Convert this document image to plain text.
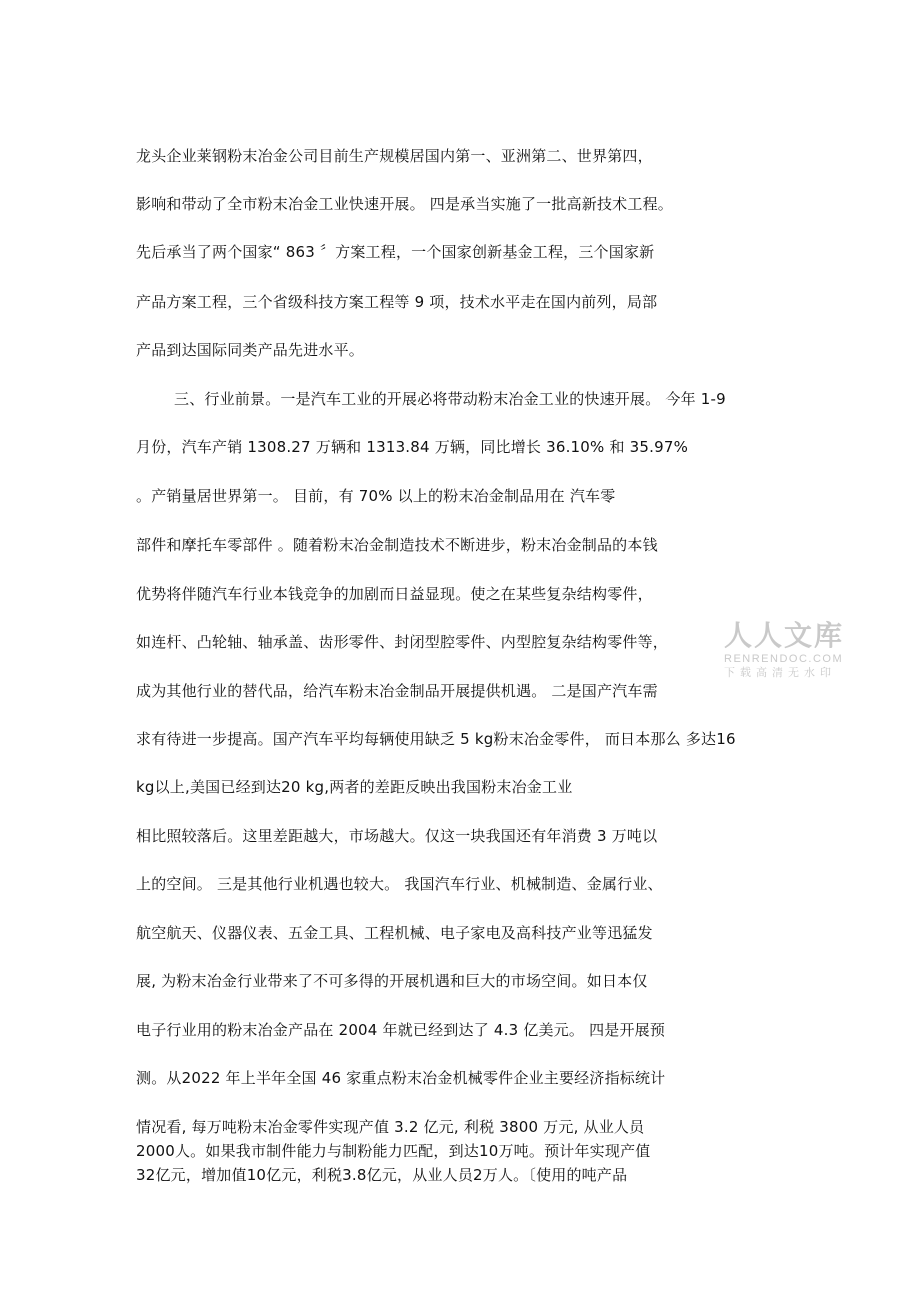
龙头企业莱钢粉末冶金公司目前生产规模居国内第一、亚洲第二、世界第四，
影响和带动了全市粉末冶金工业快速开展。 四是承当实施了一批高新技术工程。
先后承当了两个国家“ 863 〞方案工程，一个国家创新基金工程，三个国家新
产品方案工程，三个省级科技方案工程等 9 项，技术水平走在国内前列，局部
产品到达国际同类产品先进水平。
三、行业前景。一是汽车工业的开展必将带动粉末冶金工业的快速开展。 今年 1-9
月份，汽车产销 1308.27 万辆和 1313.84 万辆，同比增长 36.10% 和 35.97%
。产销量居世界第一。 目前，有 70% 以上的粉末冶金制品用在 汽车零
部件和摩托车零部件 。随着粉末冶金制造技术不断进步，粉末冶金制品的本钱
优势将伴随汽车行业本钱竞争的加剧而日益显现。使之在某些复杂结构零件，
如连杆、凸轮轴、轴承盖、齿形零件、封闭型腔零件、内型腔复杂结构零件等，
成为其他行业的替代品，给汽车粉末冶金制品开展提供机遇。 二是国产汽车需
求有待进一步提高。国产汽车平均每辆使用缺乏 5 kg粉末冶金零件， 而日本那么 多达16
kg以上,美国已经到达20 kg,两者的差距反映出我国粉末冶金工业
相比照较落后。这里差距越大，市场越大。仅这一块我国还有年消费 3 万吨以
上的空间。 三是其他行业机遇也较大。 我国汽车行业、机械制造、金属行业、
航空航天、仪器仪表、五金工具、工程机械、电子家电及高科技产业等迅猛发
展, 为粉末冶金行业带来了不可多得的开展机遇和巨大的市场空间。如日本仅
电子行业用的粉末冶金产品在 2004 年就已经到达了 4.3 亿美元。 四是开展预
测。从2022 年上半年全国 46 家重点粉末冶金机械零件企业主要经济指标统计
情况看, 每万吨粉末冶金零件实现产值 3.2 亿元, 利税 3800 万元, 从业人员
2000人。如果我市制件能力与制粉能力匹配，到达10万吨。预计年实现产值
32亿元，增加值10亿元，利税3.8亿元，从业人员2万人。〔使用的吨产品
人人文库
RENRENDOC.COM
下载高清无水印
